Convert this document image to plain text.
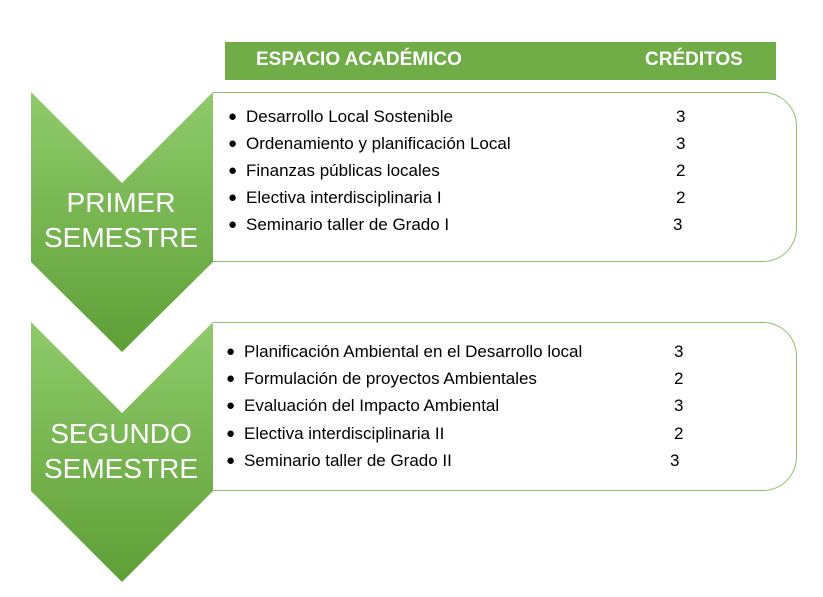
ESPACIO ACADÉMICO	CRÉDITOS
PRIMER
SEMESTRE
SEGUNDO
SEMESTRE
● Desarrollo Local Sostenible	3
● Ordenamiento y planificación Local	3
● Finanzas públicas locales	2
● Electiva interdisciplinaria I	2
● Seminario taller de Grado I	3
● Planificación Ambiental en el Desarrollo local	3
● Formulación de proyectos Ambientales	2
● Evaluación del Impacto Ambiental	3
● Electiva interdisciplinaria II	2
● Seminario taller de Grado II	3
